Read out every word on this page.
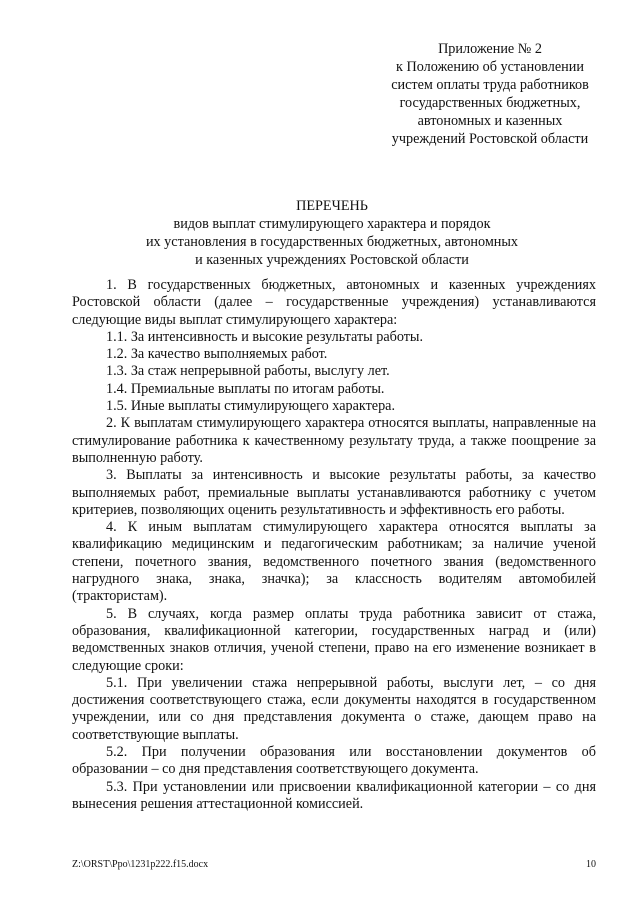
Приложение № 2
к Положению об установлении
систем оплаты труда работников
государственных бюджетных,
автономных и казенных
учреждений Ростовской области
ПЕРЕЧЕНЬ
видов выплат стимулирующего характера и порядок
их установления в государственных бюджетных, автономных
и казенных учреждениях Ростовской области

1. В государственных бюджетных, автономных и казенных учреждениях Ростовской области (далее – государственные учреждения) устанавливаются следующие виды выплат стимулирующего характера:

1.1. За интенсивность и высокие результаты работы.

1.2. За качество выполняемых работ.

1.3. За стаж непрерывной работы, выслугу лет.

1.4. Премиальные выплаты по итогам работы.

1.5. Иные выплаты стимулирующего характера.

2. К выплатам стимулирующего характера относятся выплаты, направленные на стимулирование работника к качественному результату труда, а также поощрение за выполненную работу.

3. Выплаты за интенсивность и высокие результаты работы, за качество выполняемых работ, премиальные выплаты устанавливаются работнику с учетом критериев, позволяющих оценить результативность и эффективность его работы.

4. К иным выплатам стимулирующего характера относятся выплаты за квалификацию медицинским и педагогическим работникам; за наличие ученой степени, почетного звания, ведомственного почетного звания (ведомственного нагрудного знака, знака, значка); за классность водителям автомобилей (трактористам).

5. В случаях, когда размер оплаты труда работника зависит от стажа, образования, квалификационной категории, государственных наград и (или) ведомственных знаков отличия, ученой степени, право на его изменение возникает в следующие сроки:

5.1. При увеличении стажа непрерывной работы, выслуги лет, – со дня достижения соответствующего стажа, если документы находятся в государственном учреждении, или со дня представления документа о стаже, дающем право на соответствующие выплаты.

5.2. При получении образования или восстановлении документов об образовании – со дня представления соответствующего документа.

5.3. При установлении или присвоении квалификационной категории – со дня вынесения решения аттестационной комиссией.

Z:\ORST\Ppo\1231p222.f15.docx	10
